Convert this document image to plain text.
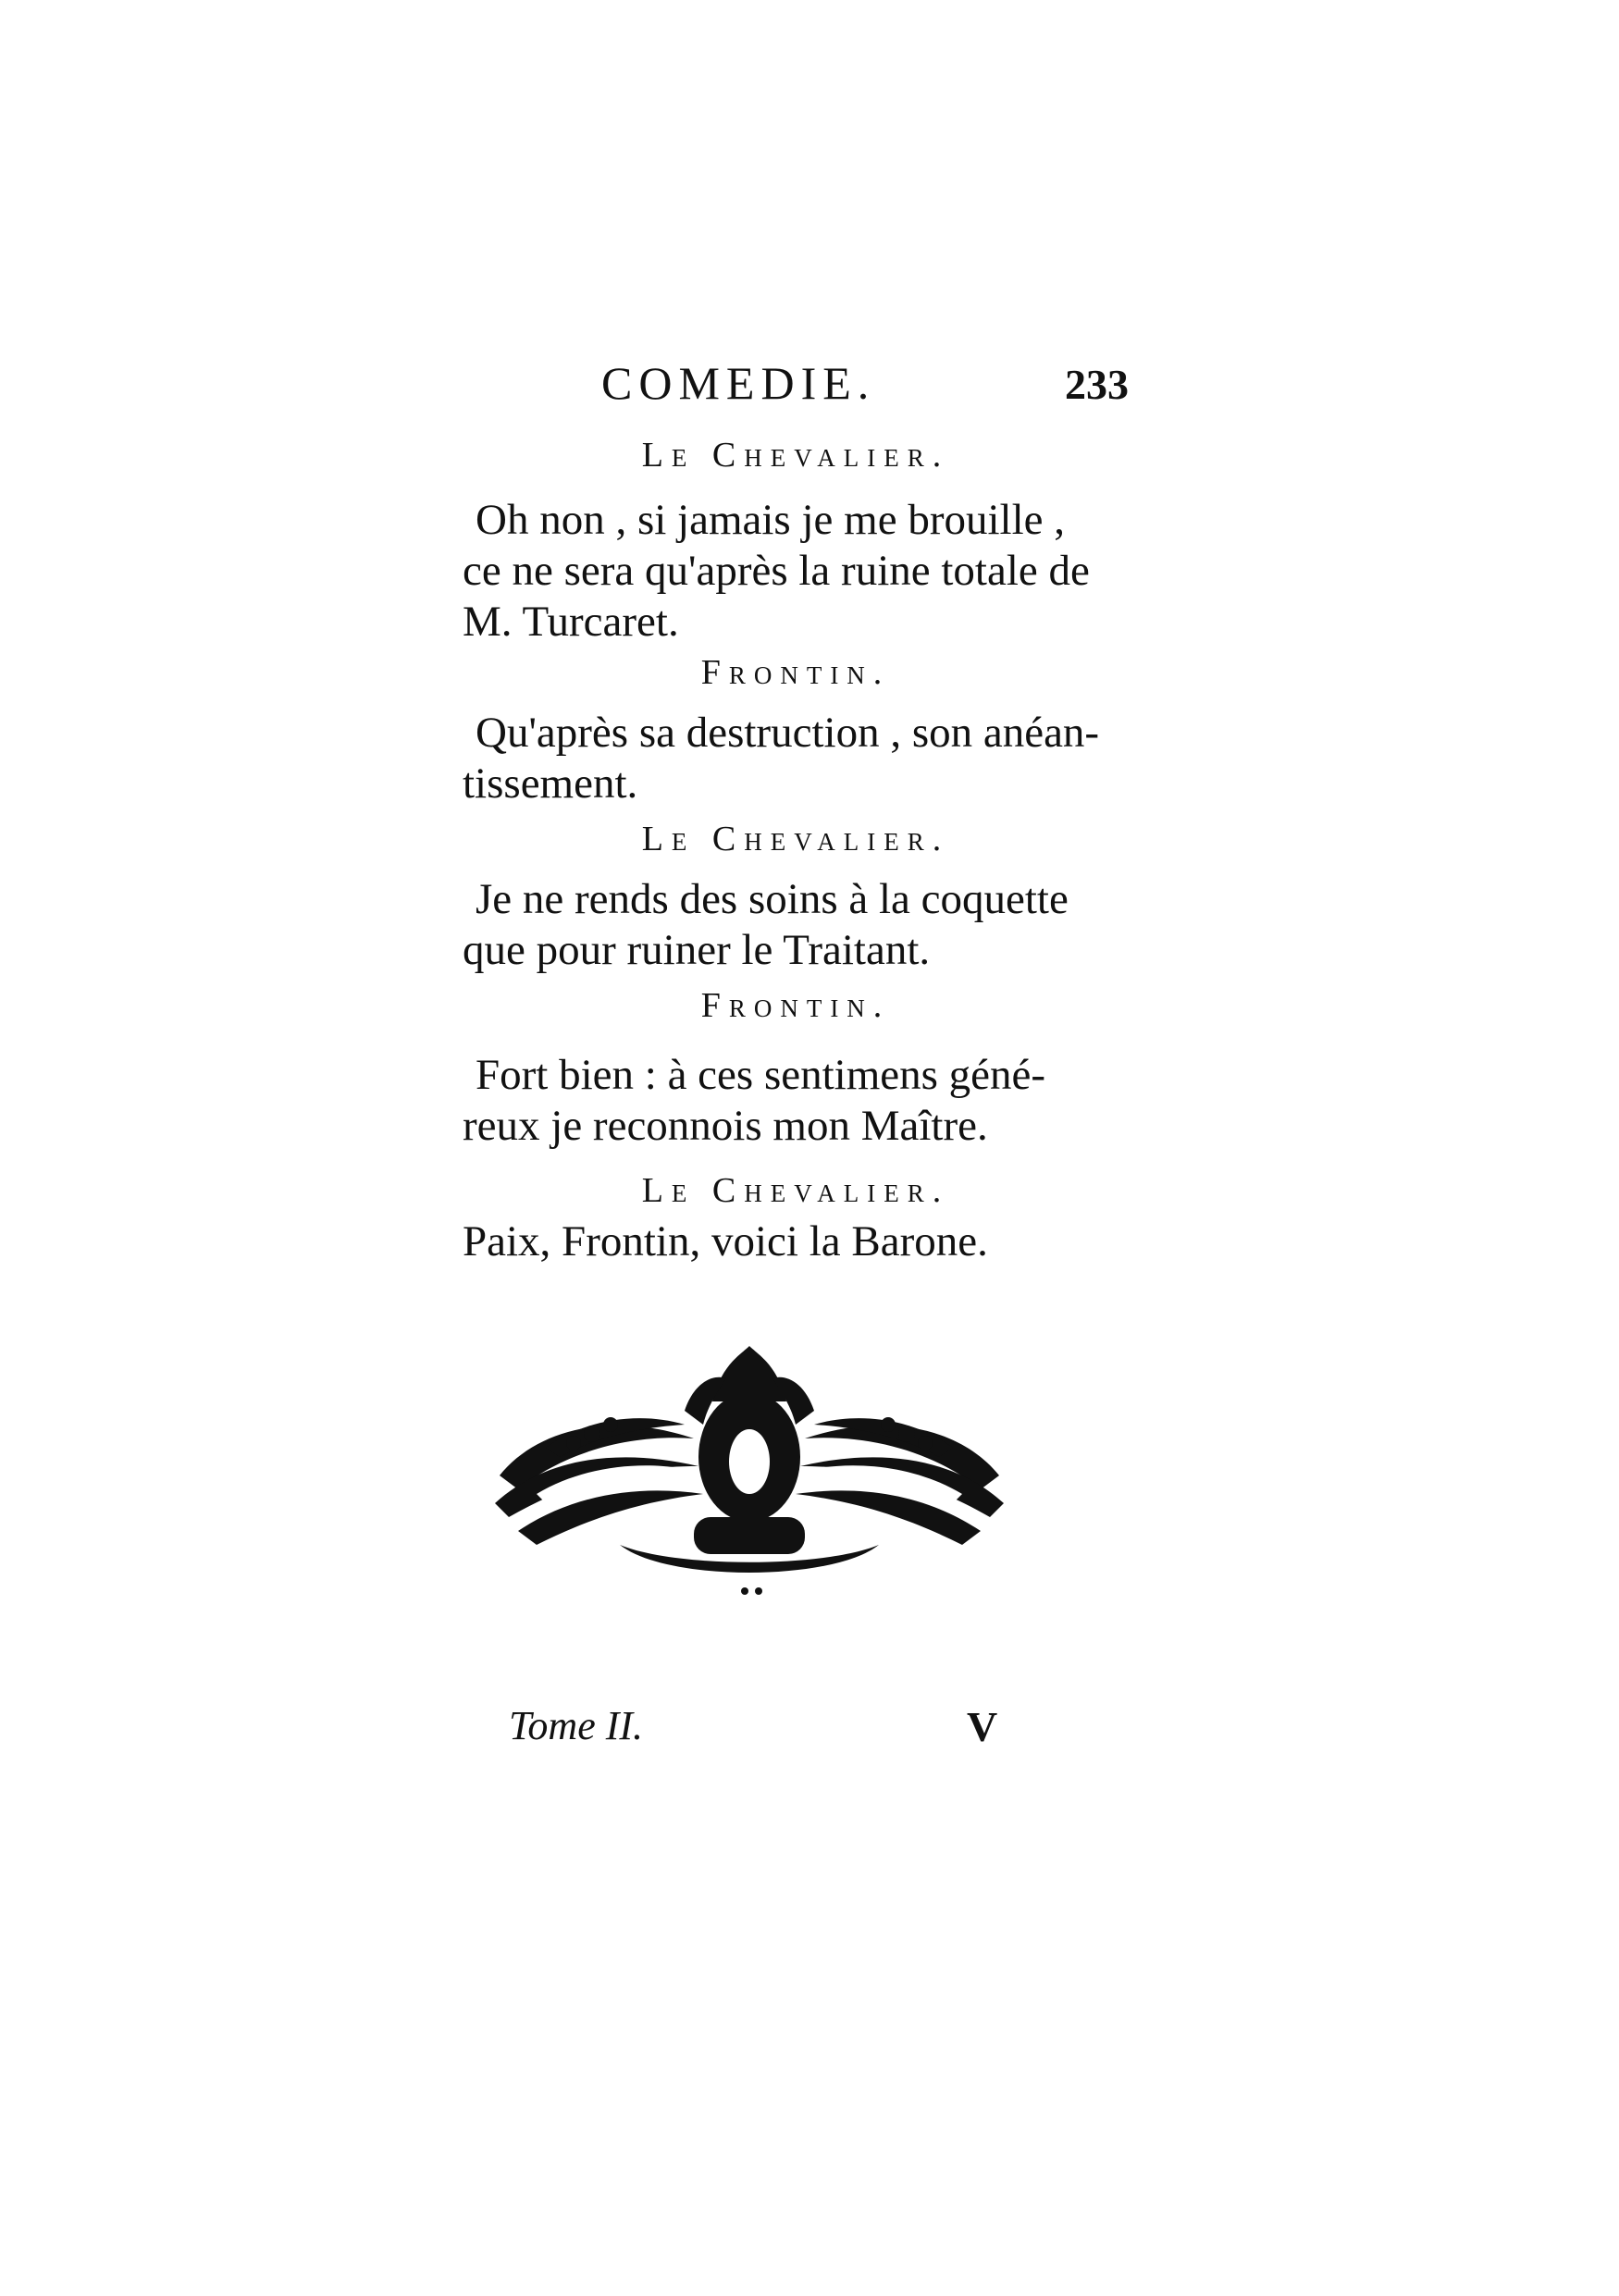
COMEDIE.	233
Le Chevalier.
Oh non , si jamais je me brouille ,
ce ne sera qu'après la ruine totale de
M. Turcaret.
Frontin.
Qu'après sa destruction , son anéan-
tissement.
Le Chevalier.
Je ne rends des soins à la coquette
que pour ruiner le Traitant.
Frontin.
Fort bien : à ces sentimens géné-
reux je reconnois mon Maître.
Le Chevalier.
Paix, Frontin, voici la Barone.
Tome II.	V
